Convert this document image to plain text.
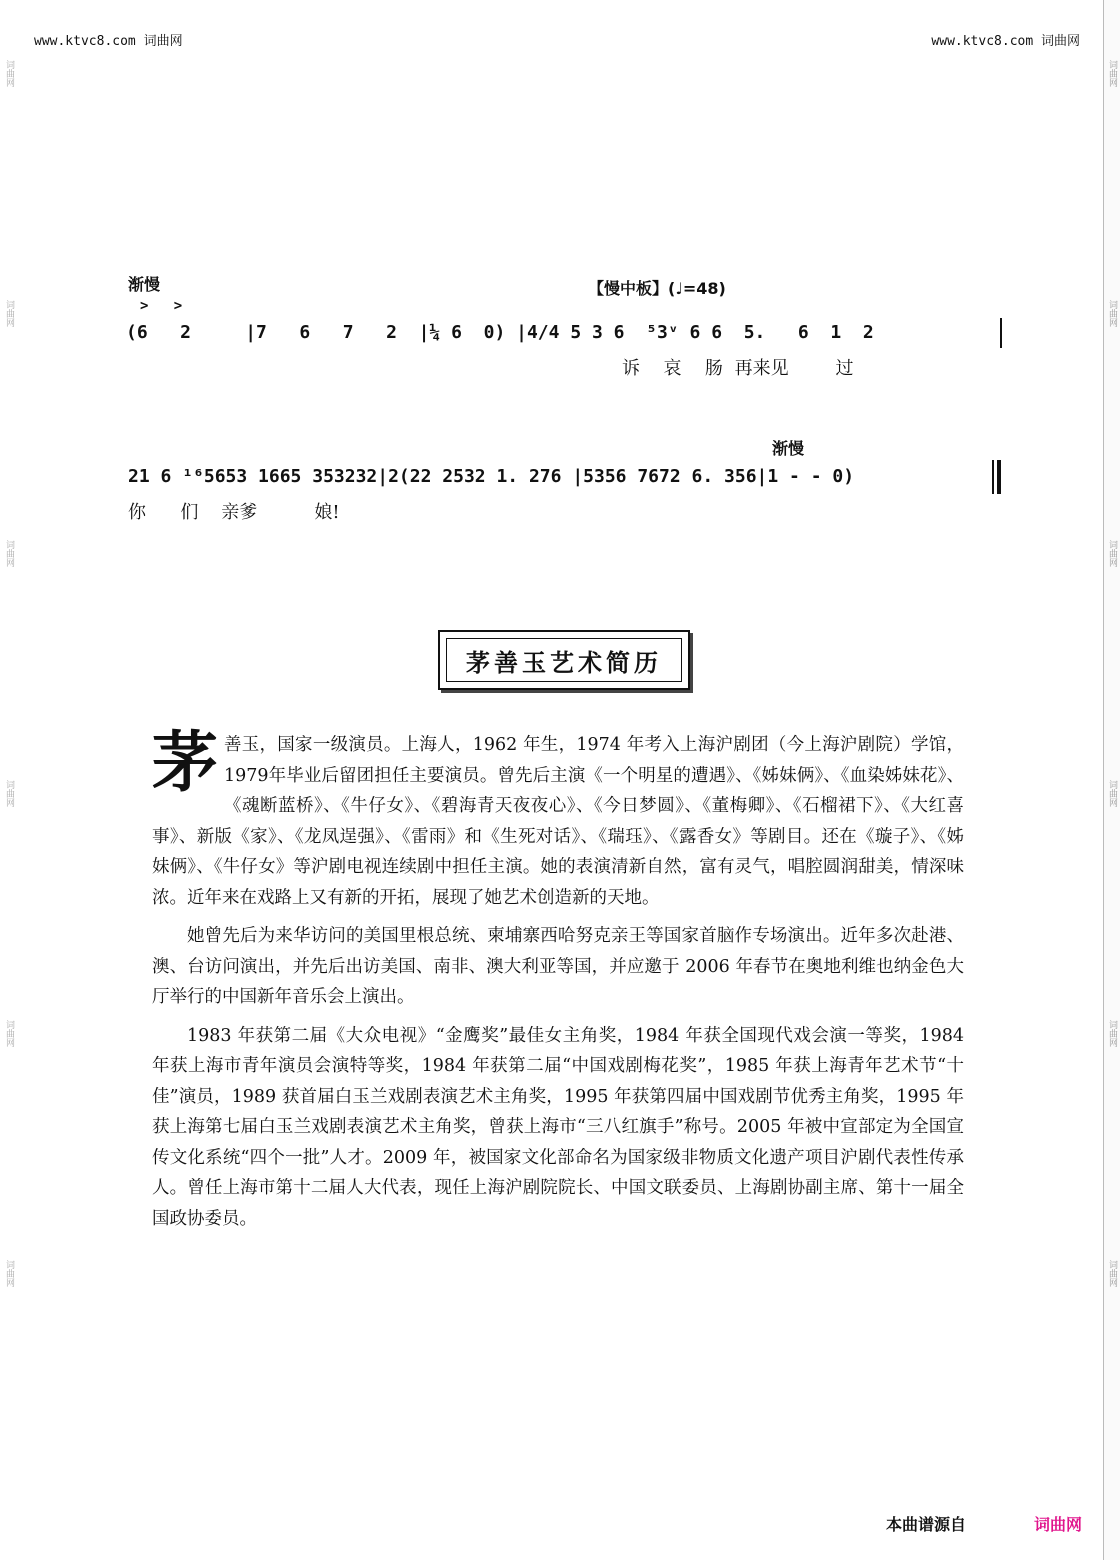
www.ktvc8.com 词曲网	www.ktvc8.com 词曲网
词曲网
词曲网
词曲网
词曲网
词曲网
词曲网
词曲网
词曲网
词曲网
词曲网
词曲网
词曲网
渐慢	【慢中板】(♩=48)
>   >
(6   2     |7   6   7   2  |¼ 6  0) |4/4 5 3 6  ⁵3ᵛ 6 6  5.   6  1  2
诉  哀  肠 再来见    过
渐慢
21 6 ¹⁶5653 1665 353232|2(22 2532 1. 276 |5356 7672 6. 356|1 - - 0)
你      们    亲爹          娘!
茅善玉艺术简历

茅善玉，国家一级演员。上海人，1962 年生，1974 年考入上海沪剧团（今上海沪剧院）学馆，1979年毕业后留团担任主要演员。曾先后主演《一个明星的遭遇》、《姊妹俩》、《血染姊妹花》、《魂断蓝桥》、《牛仔女》、《碧海青天夜夜心》、《今日梦圆》、《董梅卿》、《石榴裙下》、《大红喜事》、新版《家》、《龙凤逞强》、《雷雨》和《生死对话》、《瑞珏》、《露香女》等剧目。还在《璇子》、《姊妹俩》、《牛仔女》等沪剧电视连续剧中担任主演。她的表演清新自然，富有灵气，唱腔圆润甜美，情深味浓。近年来在戏路上又有新的开拓，展现了她艺术创造新的天地。

她曾先后为来华访问的美国里根总统、柬埔寨西哈努克亲王等国家首脑作专场演出。近年多次赴港、澳、台访问演出，并先后出访美国、南非、澳大利亚等国，并应邀于 2006 年春节在奥地利维也纳金色大厅举行的中国新年音乐会上演出。

1983 年获第二届《大众电视》“金鹰奖”最佳女主角奖，1984 年获全国现代戏会演一等奖，1984 年获上海市青年演员会演特等奖，1984 年获第二届“中国戏剧梅花奖”，1985 年获上海青年艺术节“十佳”演员，1989 获首届白玉兰戏剧表演艺术主角奖，1995 年获第四届中国戏剧节优秀主角奖，1995 年获上海第七届白玉兰戏剧表演艺术主角奖，曾获上海市“三八红旗手”称号。2005 年被中宣部定为全国宣传文化系统“四个一批”人才。2009 年，被国家文化部命名为国家级非物质文化遗产项目沪剧代表性传承人。曾任上海市第十二届人大代表，现任上海沪剧院院长、中国文联委员、上海剧协副主席、第十一届全国政协委员。

本曲谱源自	词曲网
